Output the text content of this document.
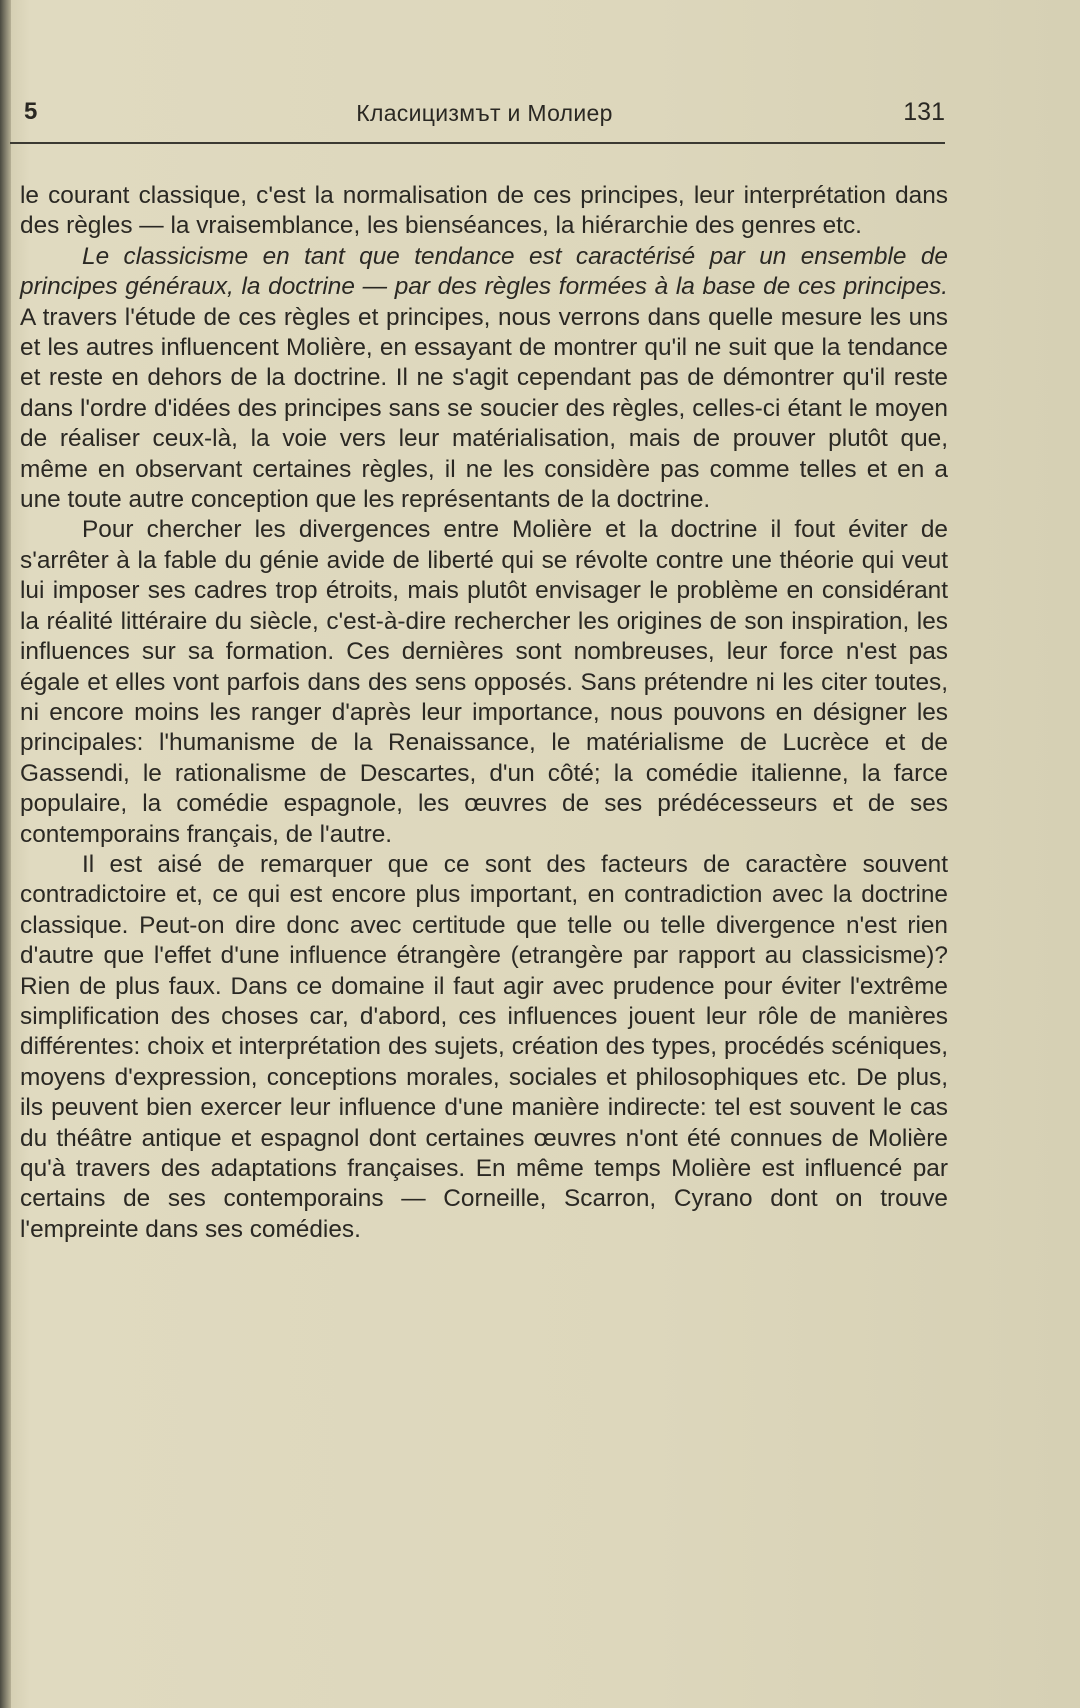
5	Класицизмът и Молиер	131

le courant classique, c'est la normalisation de ces principes, leur interprétation dans des règles — la vraisemblance, les bienséances, la hiérarchie des genres etc.

Le classicisme en tant que tendance est caractérisé par un ensemble de principes généraux, la doctrine — par des règles formées à la base de ces principes. A travers l'étude de ces règles et principes, nous verrons dans quelle mesure les uns et les autres influencent Molière, en essayant de montrer qu'il ne suit que la tendance et reste en dehors de la doctrine. Il ne s'agit cependant pas de démontrer qu'il reste dans l'ordre d'idées des principes sans se soucier des règles, celles-ci étant le moyen de réaliser ceux-là, la voie vers leur matérialisation, mais de prouver plutôt que, même en observant certaines règles, il ne les considère pas comme telles et en a une toute autre conception que les représentants de la doctrine.

Pour chercher les divergences entre Molière et la doctrine il fout éviter de s'arrêter à la fable du génie avide de liberté qui se révolte contre une théorie qui veut lui imposer ses cadres trop étroits, mais plutôt envisager le problème en considérant la réalité littéraire du siècle, c'est-à-dire rechercher les origines de son inspiration, les influences sur sa formation. Ces dernières sont nombreuses, leur force n'est pas égale et elles vont parfois dans des sens opposés. Sans prétendre ni les citer toutes, ni encore moins les ranger d'après leur importance, nous pouvons en désigner les principales: l'humanisme de la Renaissance, le matérialisme de Lucrèce et de Gassendi, le rationalisme de Descartes, d'un côté; la comédie italienne, la farce populaire, la comédie espagnole, les œuvres de ses prédécesseurs et de ses contemporains français, de l'autre.

Il est aisé de remarquer que ce sont des facteurs de caractère souvent contradictoire et, ce qui est encore plus important, en contradiction avec la doctrine classique. Peut-on dire donc avec certitude que telle ou telle divergence n'est rien d'autre que l'effet d'une influence étrangère (etrangère par rapport au classicisme)? Rien de plus faux. Dans ce domaine il faut agir avec prudence pour éviter l'extrême simplification des choses car, d'abord, ces influences jouent leur rôle de manières différentes: choix et interprétation des sujets, création des types, procédés scéniques, moyens d'expression, conceptions morales, sociales et philosophiques etc. De plus, ils peuvent bien exercer leur influence d'une manière indirecte: tel est souvent le cas du théâtre antique et espagnol dont certaines œuvres n'ont été connues de Molière qu'à travers des adaptations françaises. En même temps Molière est influencé par certains de ses contemporains — Corneille, Scarron, Cyrano dont on trouve l'empreinte dans ses comédies.
